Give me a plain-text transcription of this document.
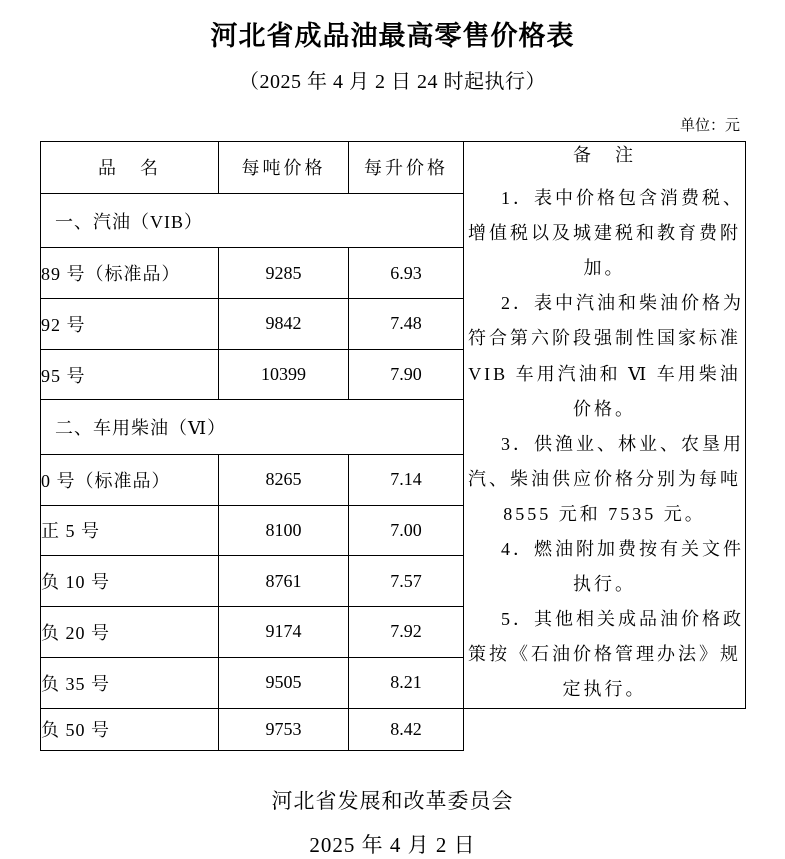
河北省成品油最高零售价格表
（2025 年 4 月 2 日 24 时起执行）
单位：元
品　名	每吨价格	每升价格	
备　注

1．表中价格包含消费税、增值税以及城建税和教育费附加。

2．表中汽油和柴油价格为符合第六阶段强制性国家标准 VIB 车用汽油和 Ⅵ 车用柴油价格。

3．供渔业、林业、农垦用汽、柴油供应价格分别为每吨 8555 元和 7535 元。

4．燃油附加费按有关文件执行。

5．其他相关成品油价格政策按《石油价格管理办法》规定执行。

一、汽油（VIB）			
89 号（标准品）	9285	6.93	
92 号	9842	7.48	
95 号	10399	7.90	
二、车用柴油（Ⅵ）			
0 号（标准品）	8265	7.14	
正 5 号	8100	7.00	
负 10 号	8761	7.57	
负 20 号	9174	7.92	
负 35 号	9505	8.21	
负 50 号	9753	8.42	
河北省发展和改革委员会
2025 年 4 月 2 日
